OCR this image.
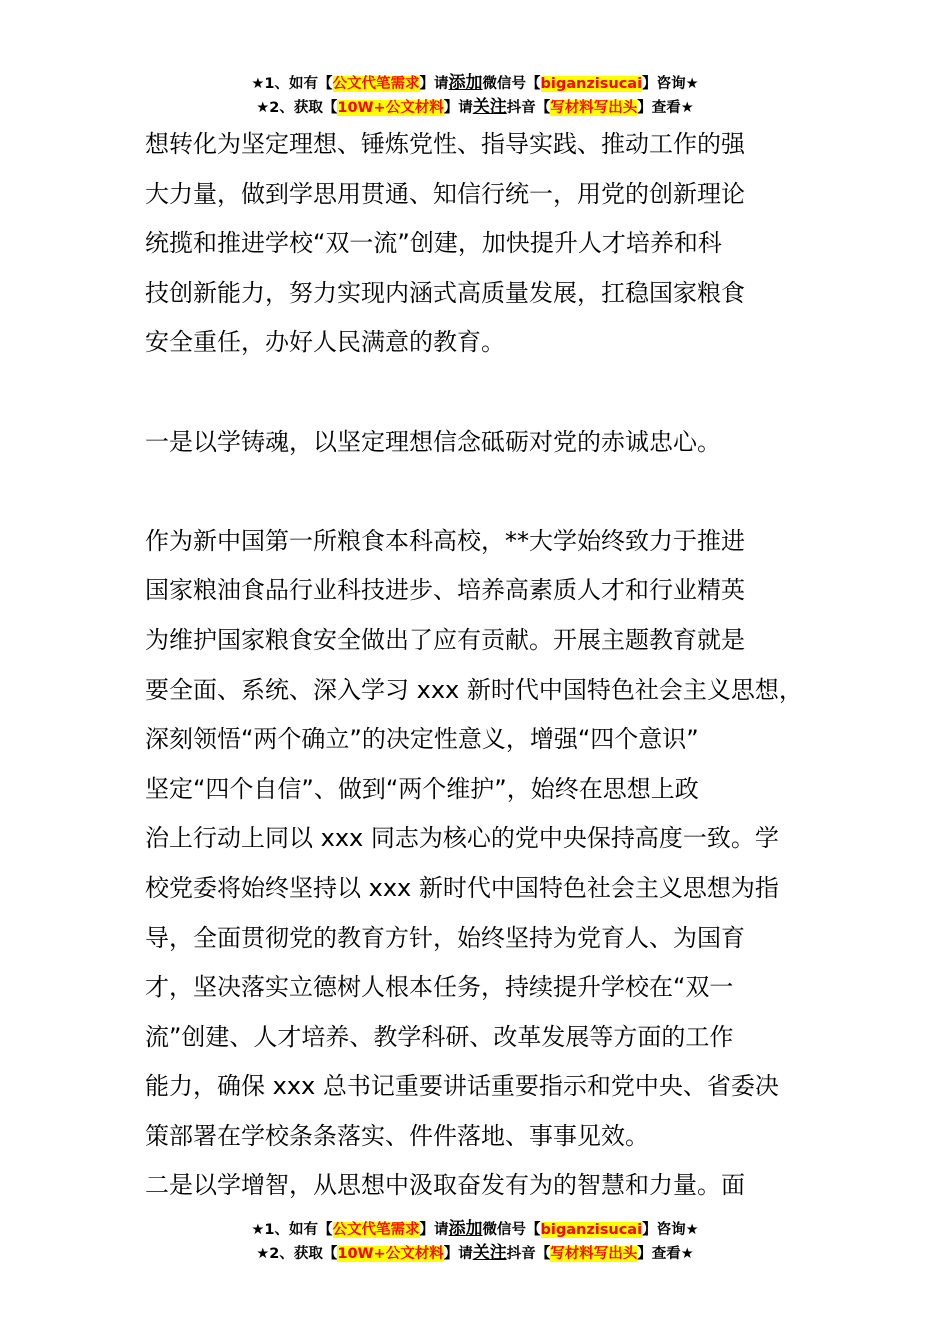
★1、如有【公文代笔需求】请添加微信号【biganzisucai】咨询★
★2、获取【10W+公文材料】请关注抖音【写材料写出头】查看★
想转化为坚定理想、锤炼党性、指导实践、推动工作的强
大力量，做到学思用贯通、知信行统一，用党的创新理论
统揽和推进学校“双一流”创建，加快提升人才培养和科
技创新能力，努力实现内涵式高质量发展，扛稳国家粮食
安全重任，办好人民满意的教育。
一是以学铸魂，以坚定理想信念砥砺对党的赤诚忠心。
作为新中国第一所粮食本科高校，**大学始终致力于推进
国家粮油食品行业科技进步、培养高素质人才和行业精英
为维护国家粮食安全做出了应有贡献。开展主题教育就是
要全面、系统、深入学习 xxx 新时代中国特色社会主义思想，
深刻领悟“两个确立”的决定性意义，增强“四个意识”
坚定“四个自信”、做到“两个维护”，始终在思想上政
治上行动上同以 xxx 同志为核心的党中央保持高度一致。学
校党委将始终坚持以 xxx 新时代中国特色社会主义思想为指
导，全面贯彻党的教育方针，始终坚持为党育人、为国育
才，坚决落实立德树人根本任务，持续提升学校在“双一
流”创建、人才培养、教学科研、改革发展等方面的工作
能力，确保 xxx 总书记重要讲话重要指示和党中央、省委决
策部署在学校条条落实、件件落地、事事见效。
二是以学增智，从思想中汲取奋发有为的智慧和力量。面
★1、如有【公文代笔需求】请添加微信号【biganzisucai】咨询★
★2、获取【10W+公文材料】请关注抖音【写材料写出头】查看★
